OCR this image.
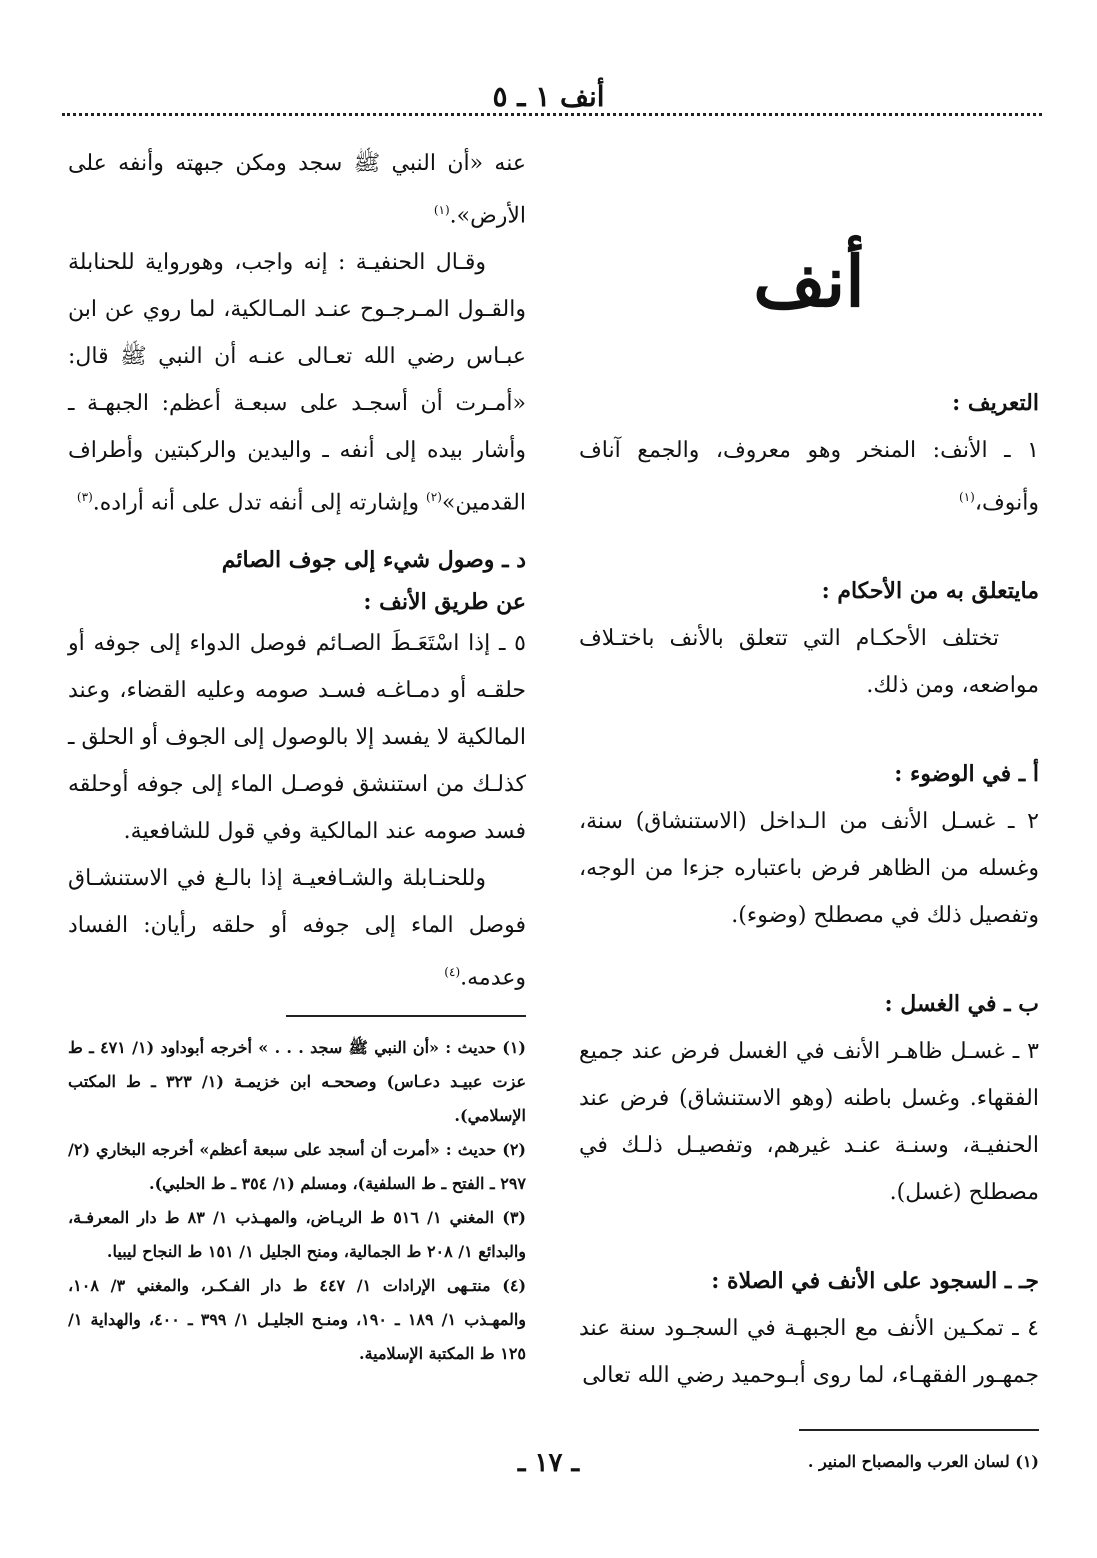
أنف ١ ـ ٥
أنف
التعريف :

١ ـ الأنف: المنخر وهو معروف، والجمع آناف وأنوف،$^{(١)}$

مايتعلق به من الأحكام :

تختلف الأحكـام التي تتعلق بالأنف باختـلاف مواضعه، ومن ذلك.

أ ـ في الوضوء :

٢ ـ غسـل الأنف من الـداخل (الاستنشاق) سنة، وغسله من الظاهر فرض باعتباره جزءا من الوجه، وتفصيل ذلك في مصطلح (وضوء).

ب ـ في الغسل :

٣ ـ غسـل ظاهـر الأنف في الغسل فرض عند جميع الفقهاء. وغسل باطنه (وهو الاستنشاق) فرض عند الحنفيـة، وسنـة عنـد غيرهم، وتفصيـل ذلـك في مصطلح (غسل).

جـ ـ السجود على الأنف في الصلاة :

٤ ـ تمكـين الأنف مع الجبهـة في السجـود سنة عند جمهـور الفقهـاء، لما روى أبـوحميد رضي الله تعالى

(١) لسان العرب والمصباح المنير .

عنه «أن النبي ﷺ سجد ومكن جبهته وأنفه على الأرض».$^{(١)}$

وقـال الحنفيـة : إنه واجب، وهورواية للحنابلة والقـول المـرجـوح عنـد المـالكية، لما روي عن ابن عبـاس رضي الله تعـالى عنـه أن النبي ﷺ قال: «أمـرت أن أسجـد على سبعـة أعظم: الجبهـة ـ وأشار بيده إلى أنفه ـ واليدين والركبتين وأطراف القدمين»$^{(٢)}$ وإشارته إلى أنفه تدل على أنه أراده.$^{(٣)}$

د ـ وصول شيء إلى جوف الصائم
عن طريق الأنف :

٥ ـ إذا اسْتَعَـطَ الصـائم فوصل الدواء إلى جوفه أو حلقـه أو دمـاغـه فسـد صومه وعليه القضاء، وعند المالكية لا يفسد إلا بالوصول إلى الجوف أو الحلق ـ كذلـك من استنشق فوصـل الماء إلى جوفه أوحلقه فسد صومه عند المالكية وفي قول للشافعية.

وللحنـابلة والشـافعيـة إذا بالـغ في الاستنشـاق فوصل الماء إلى جوفه أو حلقه رأيان: الفساد وعدمه.$^{(٤)}$

(١) حديث : «أن النبي ﷺ سجد . . . » أخرجه أبوداود (١/ ٤٧١ ـ ط عزت عبيـد دعـاس) وصححـه ابن خزيمـة (١/ ٣٢٣ ـ ط المكتب الإسلامي).

(٢) حديث : «أمرت أن أسجد على سبعة أعظم» أخرجه البخاري (٢/ ٢٩٧ ـ الفتح ـ ط السلفية)، ومسلم (١/ ٣٥٤ ـ ط الحلبي).

(٣) المغني ١/ ٥١٦ ط الريـاض، والمهـذب ١/ ٨٣ ط دار المعرفـة، والبدائع ١/ ٢٠٨ ط الجمالية، ومنح الجليل ١/ ١٥١ ط النجاح ليبيا.

(٤) منتـهى الإرادات ١/ ٤٤٧ ط دار الفـكـر، والمغني ٣/ ١٠٨، والمهـذب ١/ ١٨٩ ـ ١٩٠، ومنـح الجليـل ١/ ٣٩٩ ـ ٤٠٠، والهداية ١/ ١٢٥ ط المكتبة الإسلامية.

ـ ١٧ ـ
